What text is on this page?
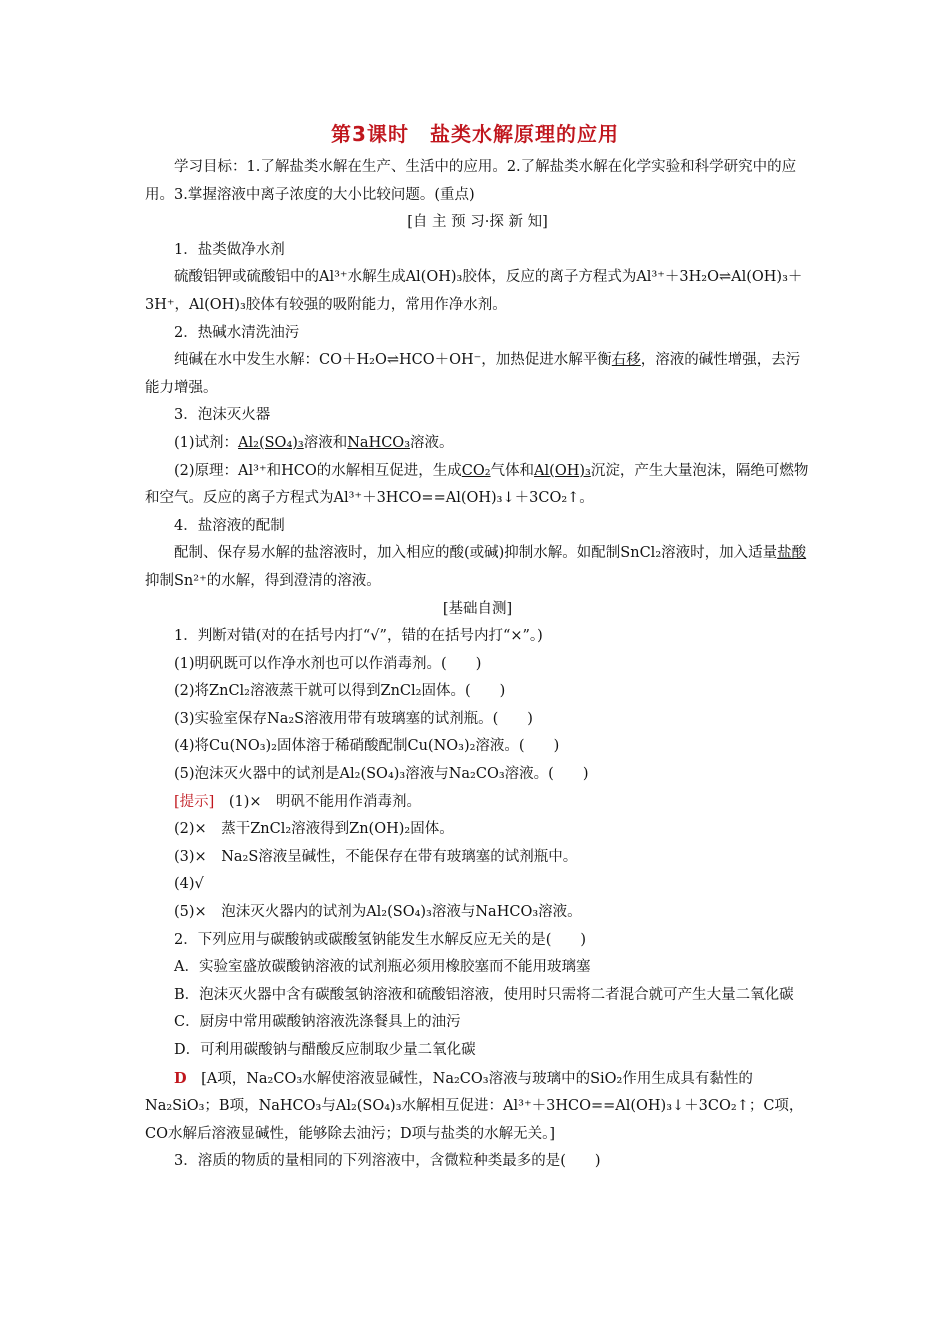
第3课时　盐类水解原理的应用

学习目标：1.了解盐类水解在生产、生活中的应用。2.了解盐类水解在化学实验和科学研究中的应用。3.掌握溶液中离子浓度的大小比较问题。(重点)

[自 主 预 习·探 新 知]

1．盐类做净水剂

硫酸铝钾或硫酸铝中的Al³⁺水解生成Al(OH)₃胶体，反应的离子方程式为Al³⁺＋3H₂O⇌Al(OH)₃＋3H⁺，Al(OH)₃胶体有较强的吸附能力，常用作净水剂。

2．热碱水清洗油污

纯碱在水中发生水解：CO＋H₂O⇌HCO＋OH⁻，加热促进水解平衡右移，溶液的碱性增强，去污能力增强。

3．泡沫灭火器

(1)试剂：Al₂(SO₄)₃溶液和NaHCO₃溶液。

(2)原理：Al³⁺和HCO的水解相互促进，生成CO₂气体和Al(OH)₃沉淀，产生大量泡沫，隔绝可燃物和空气。反应的离子方程式为Al³⁺＋3HCO==Al(OH)₃↓＋3CO₂↑。

4．盐溶液的配制

配制、保存易水解的盐溶液时，加入相应的酸(或碱)抑制水解。如配制SnCl₂溶液时，加入适量盐酸抑制Sn²⁺的水解，得到澄清的溶液。

[基础自测]

1．判断对错(对的在括号内打“√”，错的在括号内打“×”。)

(1)明矾既可以作净水剂也可以作消毒剂。(　　)

(2)将ZnCl₂溶液蒸干就可以得到ZnCl₂固体。(　　)

(3)实验室保存Na₂S溶液用带有玻璃塞的试剂瓶。(　　)

(4)将Cu(NO₃)₂固体溶于稀硝酸配制Cu(NO₃)₂溶液。(　　)

(5)泡沫灭火器中的试剂是Al₂(SO₄)₃溶液与Na₂CO₃溶液。(　　)

[提示]　(1)×　明矾不能用作消毒剂。

(2)×　蒸干ZnCl₂溶液得到Zn(OH)₂固体。

(3)×　Na₂S溶液呈碱性，不能保存在带有玻璃塞的试剂瓶中。

(4)√

(5)×　泡沫灭火器内的试剂为Al₂(SO₄)₃溶液与NaHCO₃溶液。

2．下列应用与碳酸钠或碳酸氢钠能发生水解反应无关的是(　　)

A．实验室盛放碳酸钠溶液的试剂瓶必须用橡胶塞而不能用玻璃塞

B．泡沫灭火器中含有碳酸氢钠溶液和硫酸铝溶液，使用时只需将二者混合就可产生大量二氧化碳

C．厨房中常用碳酸钠溶液洗涤餐具上的油污

D．可利用碳酸钠与醋酸反应制取少量二氧化碳

D　[A项，Na₂CO₃水解使溶液显碱性，Na₂CO₃溶液与玻璃中的SiO₂作用生成具有黏性的Na₂SiO₃；B项，NaHCO₃与Al₂(SO₄)₃水解相互促进：Al³⁺＋3HCO==Al(OH)₃↓＋3CO₂↑；C项，CO水解后溶液显碱性，能够除去油污；D项与盐类的水解无关。]

3．溶质的物质的量相同的下列溶液中，含微粒种类最多的是(　　)
